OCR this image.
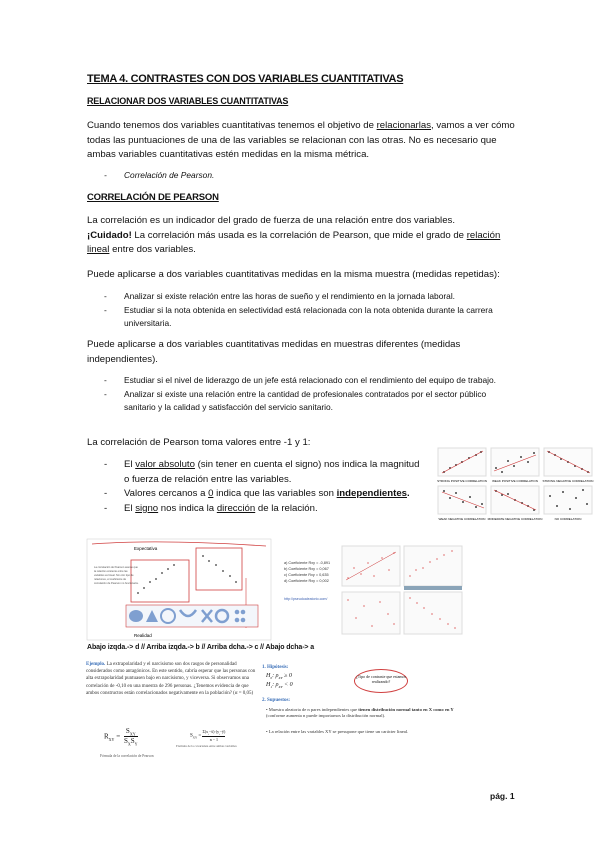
TEMA 4. CONTRASTES CON DOS VARIABLES CUANTITATIVAS
RELACIONAR DOS VARIABLES CUANTITATIVAS
Cuando tenemos dos variables cuantitativas tenemos el objetivo de relacionarlas, vamos a ver cómo todas las puntuaciones de una de las variables se relacionan con las otras. No es necesario que ambas variables cuantitativas estén medidas en la misma métrica.
- Correlación de Pearson.
CORRELACIÓN DE PEARSON
La correlación es un indicador del grado de fuerza de una relación entre dos variables.
¡Cuidado! La correlación más usada es la correlación de Pearson, que mide el grado de relación lineal entre dos variables.
Puede aplicarse a dos variables cuantitativas medidas en la misma muestra (medidas repetidas):
- Analizar si existe relación entre las horas de sueño y el rendimiento en la jornada laboral.
- Estudiar si la nota obtenida en selectividad está relacionada con la nota obtenida durante la carrera universitaria.
Puede aplicarse a dos variables cuantitativas medidas en muestras diferentes (medidas independientes).
- Estudiar si el nivel de liderazgo de un jefe está relacionado con el rendimiento del equipo de trabajo.
- Analizar si existe una relación entre la cantidad de profesionales contratados por el sector público sanitario y la calidad y satisfacción del servicio sanitario.
La correlación de Pearson toma valores entre -1 y 1:
- El valor absoluto (sin tener en cuenta el signo) nos indica la magnitud o fuerza de relación entre las variables.
- Valores cercanos a 0 indica que las variables son independientes.
- El signo nos indica la dirección de la relación.
STRONG POSITIVE CORRELATION WEAK POSITIVE CORRELATION STRONG NEGATIVE CORRELATION
WEAK NEGATIVE CORRELATION MODERATE NEGATIVE CORRELATION	NO CORRELATION
Expectativa
La correlación de Pearson asume que la relación existente entre las variables es lineal. Sin otro tipo de relaciones, el coeficiente de correlación de Pearson no funcionaría.
Realidad
a) Coeficiente Rxy = -0,891
b) Coeficiente Rxy = 0,067
c) Coeficiente Rxy = 0,635
d) Coeficiente Rxy = 0,002
http://pseudoaleatorio.com/
Abajo izqda.-> d // Arriba izqda.-> b // Arriba dcha.-> c // Abajo dcha-> a
Ejemplo. La extrapolaridad y el narcisismo son dos rasgos de personalidad considerados como antagónicos. En este sentido, cabría esperar que las personas con alta extrapolaridad puntuasen bajo en narcisismo, y viceversa. Si observamos una correlación de -0,10 en una muestra de 296 personas. ¿Tenemos evidencia de que ambos constructos están correlacionados negativamente en la población? (α = 0,05)
$R_{XY}$ =
$S_{XY}$
$S_XS_Y$
Fórmula de la correlación de Pearson
$S_{XY} = \frac{\Sigma(x_i-x̄)\cdot(y_i-ȳ)}{n - 1}$
Fórmula de la covarianza entre ambas variables
1. Hipótesis:
$H_0$: $\rho_{XY} \ge 0$
$H_1$: $\rho_{XY} < 0$
¿Tipo de contraste que estamos realizando?
2. Supuestos:
• Muestra aleatoria de n pares independientes que tienen distribución normal tanto en X como en Y (conforme aumenta n puede importarnos la distribución normal).
• La relación entre las variables XY se presupone que tiene un carácter lineal.
pág. 1
